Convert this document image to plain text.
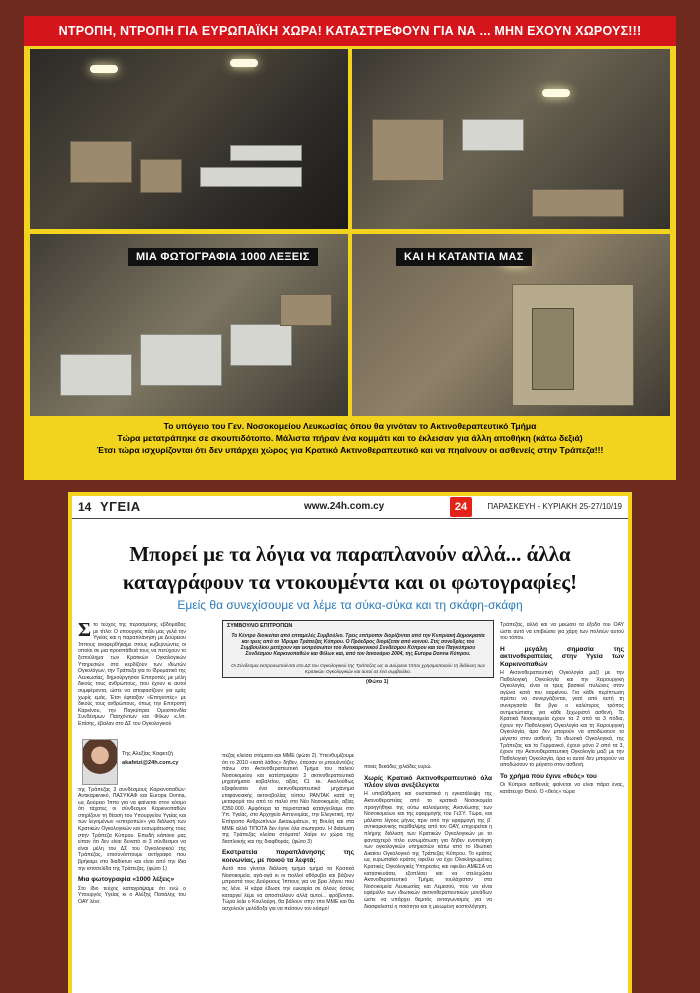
ΝΤΡΟΠΗ, ΝΤΡΟΠΗ ΓΙΑ ΕΥΡΩΠΑΪΚΗ ΧΩΡΑ! ΚΑΤΑΣΤΡΕΦΟΥΝ ΓΙΑ ΝΑ ... ΜΗΝ ΕΧΟΥΝ ΧΩΡΟΥΣ!!!
ΜΙΑ ΦΩΤΟΓΡΑΦΙΑ 1000 ΛΕΞΕΙΣ	ΚΑΙ Η ΚΑΤΑΝΤΙΑ ΜΑΣ
Το υπόγειο του Γεν. Νοσοκομείου Λευκωσίας όπου θα γινόταν το Ακτινοθεραπευτικό Τμήμα
Τώρα μετατράπηκε σε σκουπιδότοπο. Μάλιστα πήραν ένα κομμάτι και το έκλεισαν για άλλη αποθήκη (κάτω δεξιά)
Έτσι τώρα ισχυρίζονται ότι δεν υπάρχει χώρος για Κρατικό Ακτινοθεραπευτικό και να πηαίνουν οι ασθενείς στην Τράπεζα!!!
14 ΥΓΕΙΑ	www.24h.com.cy	24	ΠΑΡΑΣΚΕΥΗ - ΚΥΡΙΑΚΗ 25-27/10/19
Μπορεί με τα λόγια να παραπλανούν αλλά... άλλα
καταγράφουν τα ντοκουμέντα και οι φωτογραφίες!
Εμείς θα συνεχίσουμε να λέμε τα σύκα-σύκα και τη σκάφη-σκάφη

Στο τεύχος της περασμένης εβδομάδας με τίτλο: Ο υπουργός πάλι μας γελά την Υγείας και η παραπλάνηση με Δούρειου Ίππους αναφερθήκαμε στους κυβερνώντες οι οποίοι σε μια προσπάθειά τους να πετύχουν το ξεπούλημα των Κρατικών Ογκολογικών Υπηρεσιών στα κερδίζουν των ιδιωτών Ογκολόγων, την Τράπεζα για το Ιδρυματικό της Λευκωσίας, δημιούργησαν Επιτροπές με μέλη δικούς τους ανθρώπους, που έχουν κι αυτοί συμφέροντα, ώστε να αποφασίζουν για εμάς χωρίς εμάς. Έτσι έφτιαξαν «Επιτροπές» με δικούς τους ανθρώπους, όπως την Επιτροπή Καρκίνου, την Παγκύπρια Ομοσπονδία Συνδέσμων Πασχόντων και Φίλων κ.λπ. Επίσης, έβαλαν στο ΔΣ του Ογκολογικού

της Τράπεζας 3 συνδέσμους Καρκινοπαθών: Αντικαρκινικό, ΠΑΣΥΚΑΦ και Europa Donna, ως Δούρειο Ίππο για να φαίνεται στον κόσμο ότι τάχατες οι σύνδεσμοι Καρκινοπαθών στηρίζουν τη θέαση του Υπουργείου Υγείας και των λεγομένων «επιτροπών» για διάλυση των Κρατικών Ογκολογικών και ενσωμάτωσης τους στην Τράπεζα Κύπρου. Επειδή κάποιοι μας είπαν ότι δεν είναι δυνατό οι 3 σύνδεσμοι να είναι μέλη του ΔΣ του Ογκολογικού της Τράπεζας, επισυνάπτουμε αντίγραφο που βρήκαμε στο διαδίκτυο και είναι από την ίδια την ιστοσελίδα της Τράπεζας. (φώτο 1)

Μια φωτογραφία «1000 λέξεις»

Στο ίδιο τεύχος καταγράψαμε ότι ενώ ο Υπουργός Υγείας κι ο Αλέξης Πατιάλης του ΟΑΥ λένε

Της Αλεξίας Καφετζή
akafetzi@24h.com.cy
ΣΥΜΒΟΥΛΙΟ ΕΠΙΤΡΟΠΩΝ
Το Κέντρο διοικείται από επταμελές Συμβούλιο. Τρεις επίτροποι διορίζονται από την Κυπριακή Δημοκρατία και τρεις από το Ίδρυμα Τράπεζας Κύπρου. Ο Πρόεδρος διορίζεται από κοινού. Στις συνεδρίες του Συμβουλίου μετέχουν και εκπρόσωποι του Αντικαρκινικού Συνδέσμου Κύπρου και του Παγκύπριου Συνδέσμου Καρκινοπαθών και Φίλων και, από τον Ιανουάριο 2004, της Europa Donna Κύπρου.
Οι Σύνδεσμοι εκπροσωπούνται στο ΔΣ του Ογκολογικού της Τράπεζας ως οι Δούρειοι Ίπποι χρησιμοποιούν τη διάλυση των Κρατικών Ογκολογικών και αυτοί σε ένα συμβούλιο.
(Φώτο 1)

πεζας κλείσει στόματα και ΜΜΕ (φώτο 2). Υπενθυμίζουμε ότι το 2010 «κατά λάθος» δήθεν, έπεσαν οι μπουλντόζες πάνω στο Ακτινοθεραπευτικό Τμήμα του παλιού Νοσοκομείου και κατέστρεψαν 2 ακτινοθεραπευτικά μηχανήματα κοβαλτίου, αξίας €1 εκ. Ακολούθως εξαφάνισαν ένα ακτινοθεραπευτικό μηχάνημα επιφανειακής ακτινοβολίας τύπου PANTAK κατά τη μεταφορά του από το παλιό στο Νέο Νοσοκομείο, αξίας €350.000. Αμφότερα τα περιστατικά καταγγείλαμε στο Υπ. Υγείας, στο Αρχηγείο Αστυνομίας, την Ελεγκτική, την Επίτροπο Ανθρωπίνων Δικαιωμάτων, τη Βουλή και στα ΜΜΕ αλλά ΤΙΠΟΤΑ δεν έγινε όλα σιωπησαν. Η διάσωση της Τράπεζας κλείσει στόματα! Χαίρε εν χώρα της διαπλοκής και της διαφθοράς. (φώτο 3)

Εκστρατεία παραπλάνησης της κοινωνίας, με ποιού τα λεφτά;

Αυτό που γίνεται διάλυση τμήμα τμήμα τα Κρατικά Νοσοκομεία, αγά-αγά κι οι πολλοί αθόρυβα και βάζουν μπροστά τους Δούρειους Ίππους για να βρει λόγου που τις λένε. Η κάρα έδωσε την ευκαιρία σε άλους όσους καταργεί λέμε να αποστείλουν αλλά αυτοί... φρόβονται. Τώρα λείει ο Κουλούρη, θα βάλουν στην τπα ΜΜΕ και θα ασχολούν μελόδοξα για να πείσουν τον κόσμο!

ποιας δεκάδες χιλιάδες ευρώ.

Χωρίς Κρατικό Ακτινοθεραπευτικό όλα πλέον είναι ανεξέλεγκτα

Η υποβάθμιση και ουσιαστικά η εγκατάλειψη της Ακτινοθεραπείας από το κρατικά Νοσοκομεία προηγήθηκε της ούτω καλούμενης Ανανέωσης των Νοσοκομείων και της εφαρμογής του ΓεΣΥ. Τώρα, και μάλιστα λίγους μήνες πριν από την εφαρμογή της β΄ αντικαρκινικής περίθαλψης από τον ΟΑΥ, επιχειρείται η πλήρης διάλυση των Κρατικών Ογκολογικών με το φανταχτερό τίτλο ενσωμάτωση για δήθεν ενοποίηση των ογκολογικών υπηρεσιών κάτω από το Ιδιωτικό Δικαίου Ογκολογικό της Τράπεζας Κύπρου. Το κράτος ως ευρωπαϊκό κράτος οφείλει να έχει Ολοκληρωμένες Κρατικές Ογκολογικές Υπηρεσίες και οφείλει ΑΜΕΣΑ να κατασκευάσει, εξοπλίσει και να στελεχώσει Ακτινοθεραπευτικό Τμήμα, τουλάχιστον στα Νοσοκομεία Λευκωσίας και Λεμεσού, που να είναι εφάμιλλο των ιδιωτικών ακτινοθεραπευτικών μονάδων ώστε να υπάρχει θεμιτός ανταγωνισμός για να διασφαλιστεί η ποιότητα και η μειωμένη κοστολόγηση.

Τράπεζας, αλλά και να μειώσει τα έξοδα του ΟΑΥ ώστε αυτό να επιβιώσει για χάρη των πολιτών αυτού του τόπου.

Η μεγάλη σημασία της ακτινοθεραπείας στην Υγεία των Καρκινοπαθών

Η Ακτινοθεραπευτική Ογκολογία μαζί με την Παθολογική Ογκολογία και την Χειρουργική Ογκολογία, είναι οι τρεις βασικοί πυλώνες στον αγώνα κατά του καρκίνου. Για κάθε περίπτωση πρέπει να συνεργάζονται, γιατί από αυτή τη συνεργασία θα βγει ο καλύτερος τρόπος αντιμετώπισης για κάθε ξεχωριστό ασθενή. Τα Κρατικά Νοσοκομεία έχουν τα 2 από τα 3 πόδια, έχουν την Παθολογική Ογκολογία και τη Χειρουργική Ογκολογία, άρα δεν μπορούν να αποδώσουν το μέγιστο στον ασθενή. Τα ιδιωτικά Ογκολογικά, της Τράπεζας και το Γερμανικό, έχουν μόνο 2 από τα 3, έχουν την Ακτινοθεραπευτική Ογκολογία μαζί με την Παθολογική Ογκολογία, άρα κι αυτοί δεν μπορούν να αποδώσουν το μέγιστο στον ασθενή.

Το χρήμα που έγινε «θεός» του

Οι Κύπριοι ασθενείς φαίνεται να είναι πάρα ένας, κατάτευχο Θεού. Ο «θεός» τώρα
